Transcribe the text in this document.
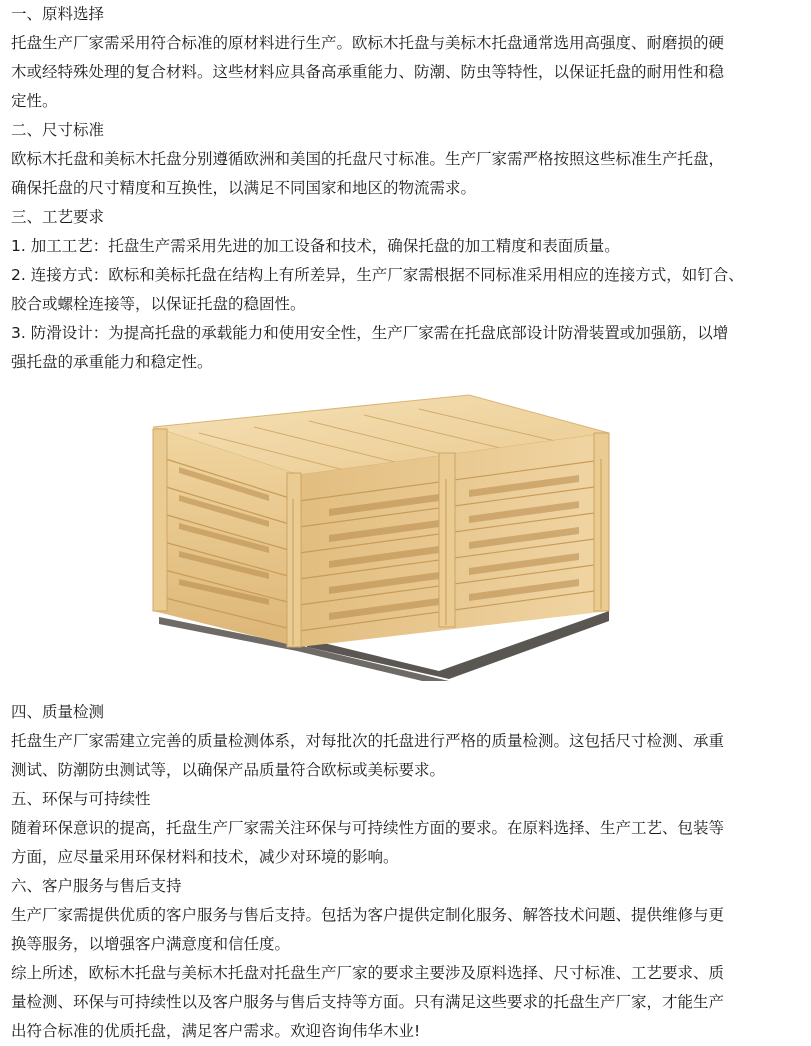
一、原料选择
托盘生产厂家需采用符合标准的原材料进行生产。欧标木托盘与美标木托盘通常选用高强度、耐磨损的硬
木或经特殊处理的复合材料。这些材料应具备高承重能力、防潮、防虫等特性，以保证托盘的耐用性和稳
定性。
二、尺寸标准
欧标木托盘和美标木托盘分别遵循欧洲和美国的托盘尺寸标准。生产厂家需严格按照这些标准生产托盘，
确保托盘的尺寸精度和互换性，以满足不同国家和地区的物流需求。
三、工艺要求
1. 加工工艺：托盘生产需采用先进的加工设备和技术，确保托盘的加工精度和表面质量。
2. 连接方式：欧标和美标托盘在结构上有所差异，生产厂家需根据不同标准采用相应的连接方式，如钉合、
胶合或螺栓连接等，以保证托盘的稳固性。
3. 防滑设计：为提高托盘的承载能力和使用安全性，生产厂家需在托盘底部设计防滑装置或加强筋，以增
强托盘的承重能力和稳定性。
四、质量检测
托盘生产厂家需建立完善的质量检测体系，对每批次的托盘进行严格的质量检测。这包括尺寸检测、承重
测试、防潮防虫测试等，以确保产品质量符合欧标或美标要求。
五、环保与可持续性
随着环保意识的提高，托盘生产厂家需关注环保与可持续性方面的要求。在原料选择、生产工艺、包装等
方面，应尽量采用环保材料和技术，减少对环境的影响。
六、客户服务与售后支持
生产厂家需提供优质的客户服务与售后支持。包括为客户提供定制化服务、解答技术问题、提供维修与更
换等服务，以增强客户满意度和信任度。
综上所述，欧标木托盘与美标木托盘对托盘生产厂家的要求主要涉及原料选择、尺寸标准、工艺要求、质
量检测、环保与可持续性以及客户服务与售后支持等方面。只有满足这些要求的托盘生产厂家，才能生产
出符合标准的优质托盘，满足客户需求。欢迎咨询伟华木业!
